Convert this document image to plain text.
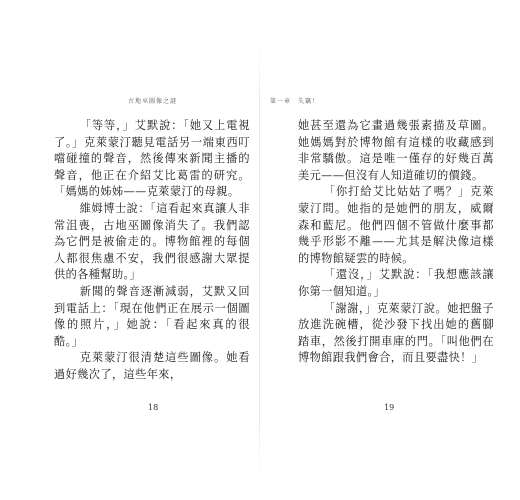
古地巫圖像之謎

「等等，」艾默說：「她又上電視了。」克萊蒙汀聽見電話另一端東西叮噹碰撞的聲音，然後傳來新聞主播的聲音，他正在介紹艾比葛雷的研究。「媽媽的姊姊——克萊蒙汀的母親。

維姆博士說：「這看起來真讓人非常沮喪，古地巫圖像消失了。我們認為它們是被偷走的。博物館裡的每個人都很焦慮不安，我們很感謝大眾提供的各種幫助。」

新聞的聲音逐漸減弱，艾默又回到電話上：「現在他們正在展示一個圖像的照片，」她說：「看起來真的很酷。」

克萊蒙汀很清楚這些圖像。她看過好幾次了，這些年來，

18
第一章　失竊！

她甚至還為它畫過幾張素描及草圖。她媽媽對於博物館有這樣的收藏感到非常驕傲。這是唯一僅存的好幾百萬美元——但沒有人知道確切的價錢。

「你打給艾比姑姑了嗎？」克萊蒙汀問。她指的是她們的朋友，威爾森和藍尼。他們四個不管做什麼事都幾乎形影不離——尤其是解決像這樣的博物館疑雲的時候。

「還沒，」艾默說：「我想應該讓你第一個知道。」

「謝謝，」克萊蒙汀說。她把盤子放進洗碗槽，從沙發下找出她的舊腳踏車，然後打開車庫的門。「叫他們在博物館跟我們會合，而且要盡快！」

19
